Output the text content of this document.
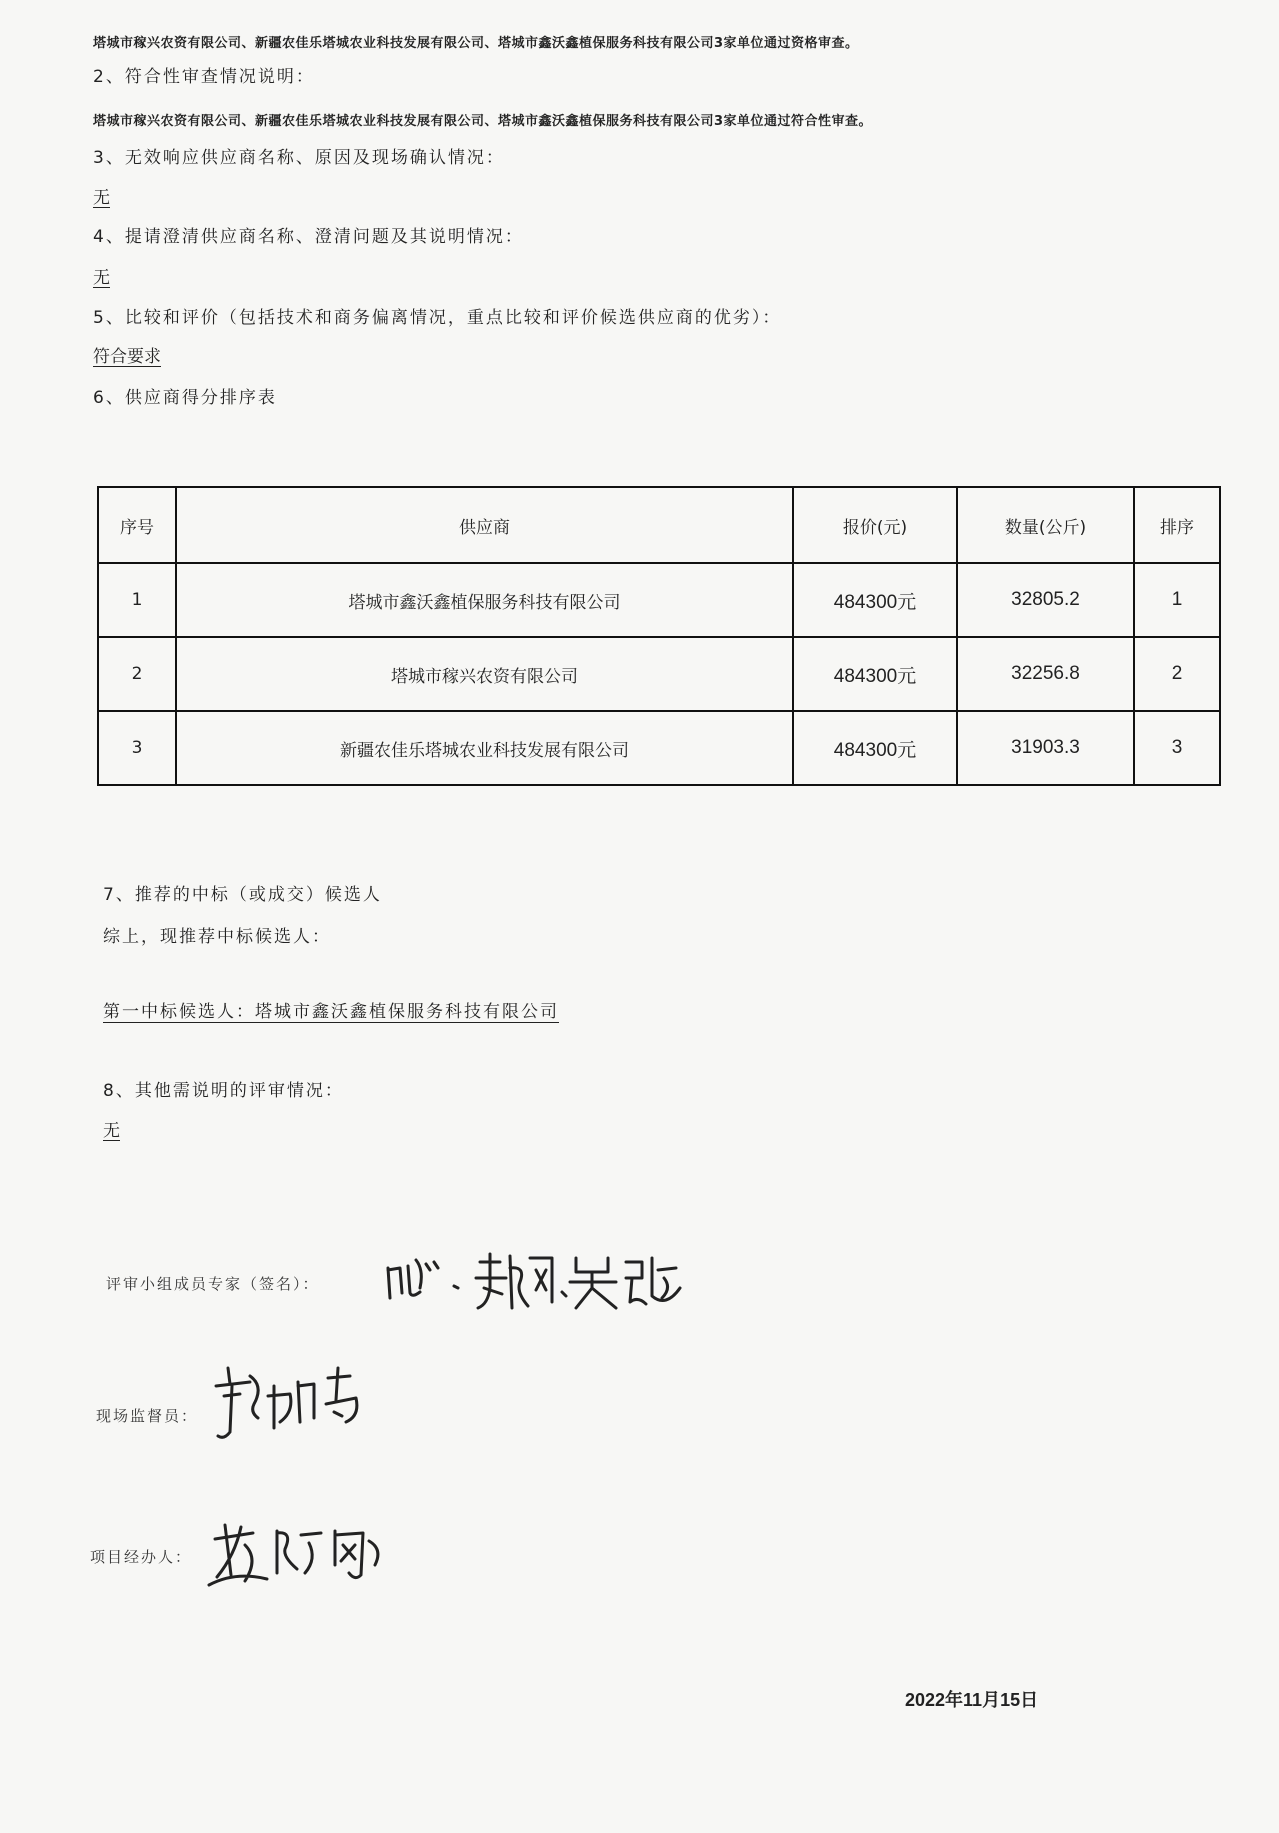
塔城市稼兴农资有限公司、新疆农佳乐塔城农业科技发展有限公司、塔城市鑫沃鑫植保服务科技有限公司3家单位通过资格审查。
2、符合性审查情况说明：
塔城市稼兴农资有限公司、新疆农佳乐塔城农业科技发展有限公司、塔城市鑫沃鑫植保服务科技有限公司3家单位通过符合性审查。
3、无效响应供应商名称、原因及现场确认情况：
无
4、提请澄清供应商名称、澄清问题及其说明情况：
无
5、比较和评价（包括技术和商务偏离情况，重点比较和评价候选供应商的优劣）：
符合要求
6、供应商得分排序表
序号	供应商	报价(元)	数量(公斤)	排序
1	塔城市鑫沃鑫植保服务科技有限公司	484300元	32805.2	1
2	塔城市稼兴农资有限公司	484300元	32256.8	2
3	新疆农佳乐塔城农业科技发展有限公司	484300元	31903.3	3
7、推荐的中标（或成交）候选人
综上，现推荐中标候选人：
第一中标候选人：塔城市鑫沃鑫植保服务科技有限公司
8、其他需说明的评审情况：
无
评审小组成员专家（签名）：
现场监督员：
项目经办人：
2022年11月15日
